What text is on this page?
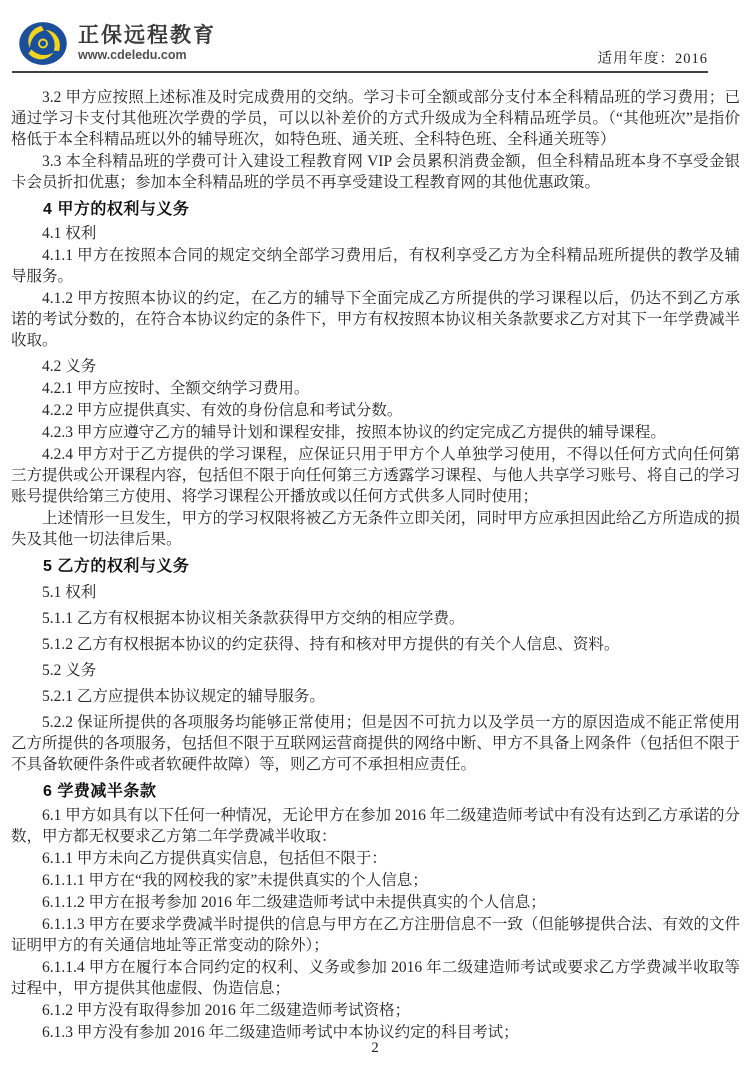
正保远程教育
www.cdeledu.com	适用年度：2016
3.2 甲方应按照上述标准及时完成费用的交纳。学习卡可全额或部分支付本全科精品班的学习费用；已通过学习卡支付其他班次学费的学员，可以以补差价的方式升级成为全科精品班学员。（“其他班次”是指价格低于本全科精品班以外的辅导班次，如特色班、通关班、全科特色班、全科通关班等）
3.3 本全科精品班的学费可计入建设工程教育网 VIP 会员累积消费金额，但全科精品班本身不享受金银卡会员折扣优惠；参加本全科精品班的学员不再享受建设工程教育网的其他优惠政策。
4 甲方的权利与义务
4.1 权利
4.1.1 甲方在按照本合同的规定交纳全部学习费用后，有权利享受乙方为全科精品班所提供的教学及辅导服务。
4.1.2 甲方按照本协议的约定，在乙方的辅导下全面完成乙方所提供的学习课程以后，仍达不到乙方承诺的考试分数的，在符合本协议约定的条件下，甲方有权按照本协议相关条款要求乙方对其下一年学费减半收取。
4.2 义务
4.2.1 甲方应按时、全额交纳学习费用。
4.2.2 甲方应提供真实、有效的身份信息和考试分数。
4.2.3 甲方应遵守乙方的辅导计划和课程安排，按照本协议的约定完成乙方提供的辅导课程。
4.2.4 甲方对于乙方提供的学习课程，应保证只用于甲方个人单独学习使用，不得以任何方式向任何第三方提供或公开课程内容，包括但不限于向任何第三方透露学习课程、与他人共享学习账号、将自己的学习账号提供给第三方使用、将学习课程公开播放或以任何方式供多人同时使用；
上述情形一旦发生，甲方的学习权限将被乙方无条件立即关闭，同时甲方应承担因此给乙方所造成的损失及其他一切法律后果。
5 乙方的权利与义务
5.1 权利
5.1.1 乙方有权根据本协议相关条款获得甲方交纳的相应学费。
5.1.2 乙方有权根据本协议的约定获得、持有和核对甲方提供的有关个人信息、资料。
5.2 义务
5.2.1 乙方应提供本协议规定的辅导服务。
5.2.2 保证所提供的各项服务均能够正常使用；但是因不可抗力以及学员一方的原因造成不能正常使用乙方所提供的各项服务，包括但不限于互联网运营商提供的网络中断、甲方不具备上网条件（包括但不限于不具备软硬件条件或者软硬件故障）等，则乙方可不承担相应责任。
6 学费减半条款
6.1 甲方如具有以下任何一种情况，无论甲方在参加 2016 年二级建造师考试中有没有达到乙方承诺的分数，甲方都无权要求乙方第二年学费减半收取：
6.1.1 甲方未向乙方提供真实信息，包括但不限于：
6.1.1.1 甲方在“我的网校我的家”未提供真实的个人信息；
6.1.1.2 甲方在报考参加 2016 年二级建造师考试中未提供真实的个人信息；
6.1.1.3 甲方在要求学费减半时提供的信息与甲方在乙方注册信息不一致（但能够提供合法、有效的文件证明甲方的有关通信地址等正常变动的除外）；
6.1.1.4 甲方在履行本合同约定的权利、义务或参加 2016 年二级建造师考试或要求乙方学费减半收取等过程中，甲方提供其他虚假、伪造信息；
6.1.2 甲方没有取得参加 2016 年二级建造师考试资格；
6.1.3 甲方没有参加 2016 年二级建造师考试中本协议约定的科目考试；
2
